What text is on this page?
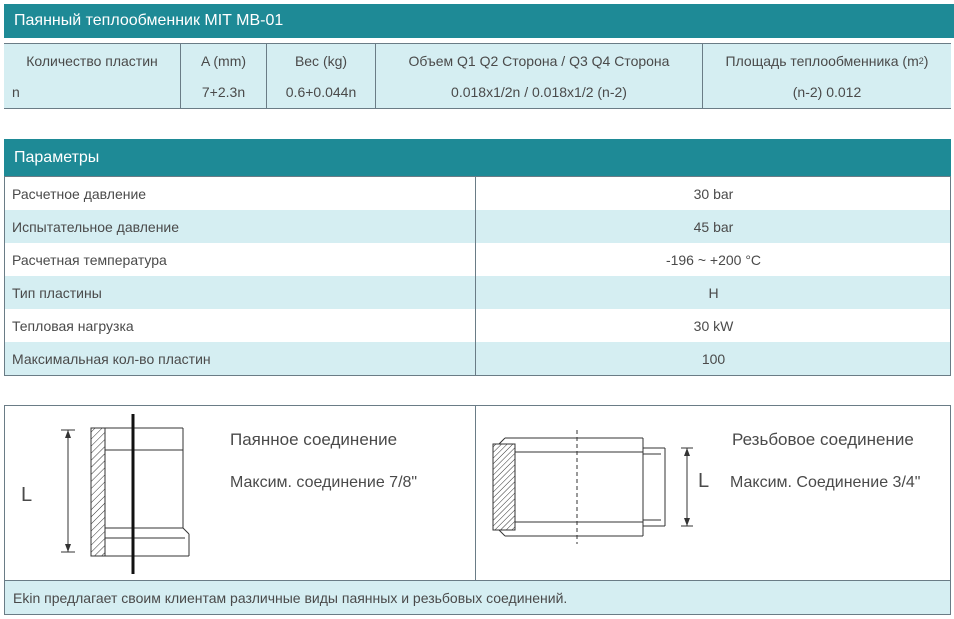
Паянный теплообменник MIT MB-01
Количество пластин	A (mm)	Вес (kg)	Объем Q1 Q2 Сторона / Q3 Q4 Сторона	Площадь теплообменника (m 2 )
n	7+2.3n	0.6+0.044n	0.018x1/2n / 0.018x1/2 (n-2)	(n-2) 0.012
Параметры
Расчетное давление	30 bar
Испытательное давление	45 bar
Расчетная температура	-196 ~ +200 °C
Тип пластины	H
Тепловая нагрузка	30 kW
Максимальная кол-во пластин	100
Ekin предлагает своим клиентам различные виды паянных и резьбовых соединений.
L
Паянное соединение
Максим. соединение 7/8"	L
Резьбовое соединение
Максим. Соединение 3/4"
